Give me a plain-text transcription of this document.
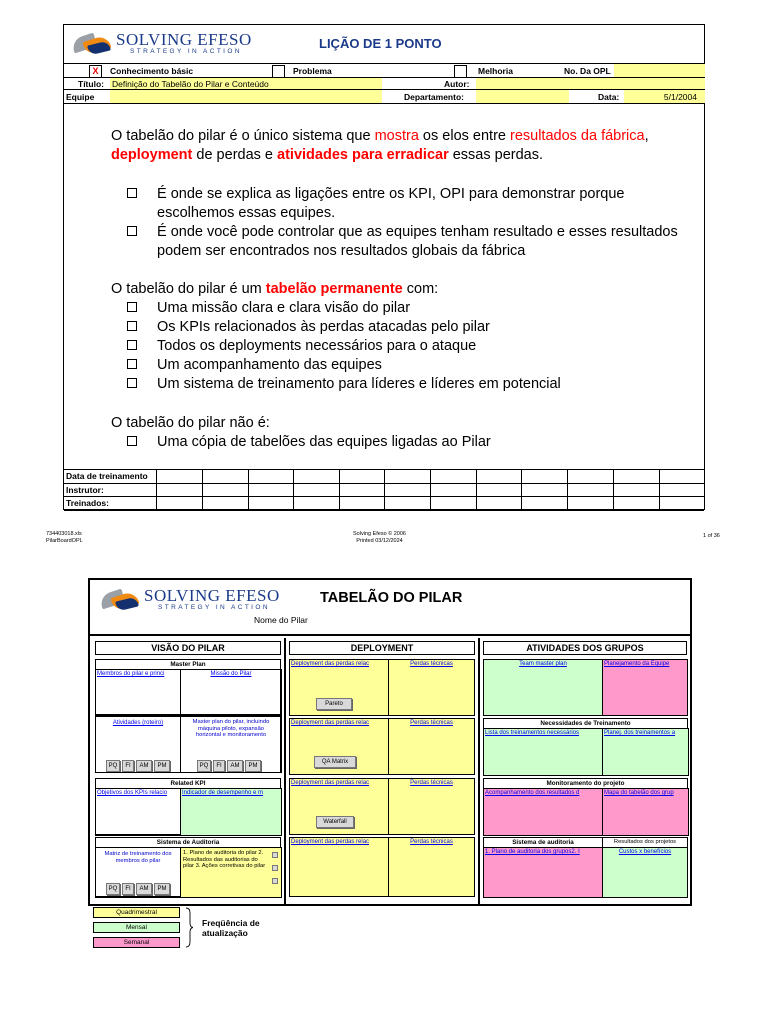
SOLVING EFESO
STRATEGY IN ACTION
LIÇÃO DE 1 PONTO
X	Conhecimento básic	Problema	Melhoria	No. Da OPL
Título: Definição do Tabelão do Pilar e Conteúdo	Autor:
Equipe	Departamento:	Data:	5/1/2004
O tabelão do pilar é o único sistema que mostra os elos entre resultados da fábrica,
deployment de perdas e atividades para erradicar essas perdas.
É onde se explica as ligações entre os KPI, OPI para demonstrar porque
escolhemos essas equipes.
É onde você pode controlar que as equipes tenham resultado e esses resultados
podem ser encontrados nos resultados globais da fábrica
O tabelão do pilar é um tabelão permanente com:
Uma missão clara e clara visão do pilar
Os KPIs relacionados às perdas atacadas pelo pilar
Todos os deployments necessários para o ataque
Um acompanhamento das equipes
Um sistema de treinamento para líderes e líderes em potencial
O tabelão do pilar não é:
Uma cópia de tabelões das equipes ligadas ao Pilar
Data de treinamento
Instrutor:
Treinados:
734403018.xls
PilarBoardOPL
Solving Efeso © 2006
Printed 03/12/2024
1 of 36
SOLVING EFESO
STRATEGY IN ACTION
TABELÃO DO PILAR
Nome do Pilar
VISÃO DO PILAR
Master Plan
Membros do pilar e princi	Missão do Pilar
Atividades (roteiro)
PQ	FI	AM	PM
Master plan do pilar, incluindo máquina piloto, expansão horizontal e monitoramento
PQ	FI	AM	PM
Related KPI
Objetivos dos KPIs relacio	Indicador de desempenho e m
Sistema de Auditoria
Matriz de treinamento dos membros do pilar
PQ	FI	AM	PM
1. Plano de auditoria do pilar 2. Resultados das auditorias do pilar 3. Ações corretivas do pilar
DEPLOYMENT
Deployment das perdas relac
Pareto
Perdas técnicas
Deployment das perdas relac
QA Matrix
Perdas técnicas
Deployment das perdas relac
Waterfall
Perdas técnicas
Deployment das perdas relac	Perdas técnicas
ATIVIDADES DOS GRUPOS
Team master plan	Planejamento da Equipe
Necessidades de Treinamento
Lista dos treinamentos necessários	Planej. dos treinamentos a
Monitoramento do projeto
Acompanhamento dos resultados d	Mapa do tabelão dos grup
Sistema de auditoria
1. Plano de auditoria dos grupos2. I
Resultados dos projetos
Custos x benefícios
Quadrimestral
Mensal
Semanal
Freqüência de
atualização
